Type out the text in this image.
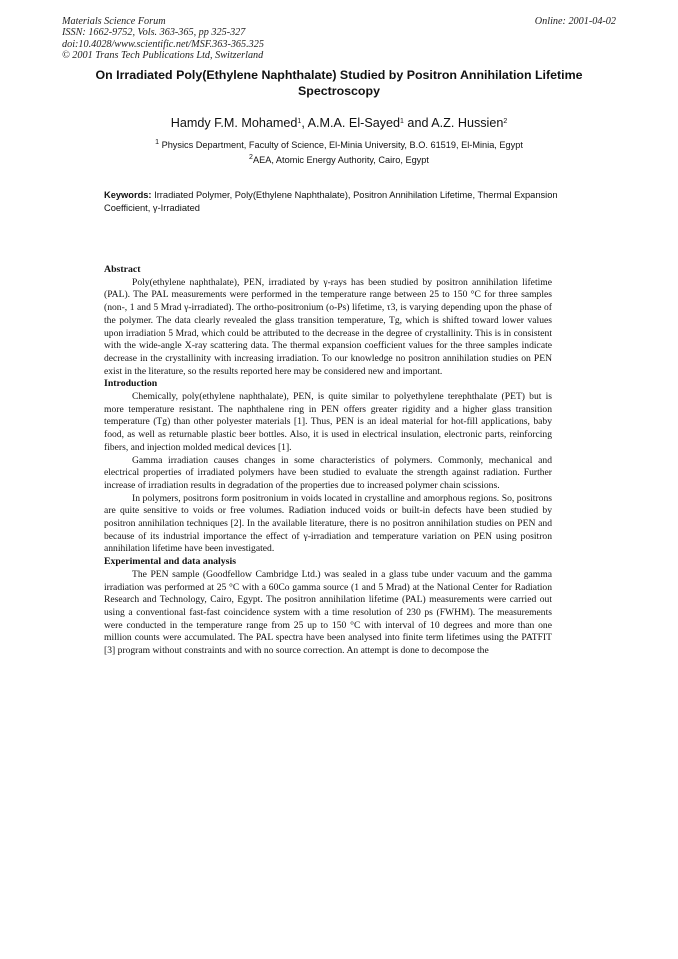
Materials Science Forum
ISSN: 1662-9752, Vols. 363-365, pp 325-327
doi:10.4028/www.scientific.net/MSF.363-365.325
© 2001 Trans Tech Publications Ltd, Switzerland
Online: 2001-04-02
On Irradiated Poly(Ethylene Naphthalate) Studied by Positron Annihilation Lifetime Spectroscopy
Hamdy F.M. Mohamed$^1$, A.M.A. El-Sayed$^1$ and A.Z. Hussien$^2$
$^1$ Physics Department, Faculty of Science, El-Minia University, B.O. 61519, El-Minia, Egypt
$^2$AEA, Atomic Energy Authority, Cairo, Egypt
Keywords: Irradiated Polymer, Poly(Ethylene Naphthalate), Positron Annihilation Lifetime, Thermal Expansion Coefficient, γ-Irradiated
Abstract

Poly(ethylene naphthalate), PEN, irradiated by γ-rays has been studied by positron annihilation lifetime (PAL). The PAL measurements were performed in the temperature range between 25 to 150 °C for three samples (non-, 1 and 5 Mrad γ-irradiated). The ortho-positronium (o-Ps) lifetime, τ3, is varying depending upon the phase of the polymer. The data clearly revealed the glass transition temperature, Tg, which is shifted toward lower values upon irradiation 5 Mrad, which could be attributed to the decrease in the degree of crystallinity. This is in consistent with the wide-angle X-ray scattering data. The thermal expansion coefficient values for the three samples indicate decrease in the crystallinity with increasing irradiation. To our knowledge no positron annihilation studies on PEN exist in the literature, so the results reported here may be considered new and important.

Introduction

Chemically, poly(ethylene naphthalate), PEN, is quite similar to polyethylene terephthalate (PET) but is more temperature resistant. The naphthalene ring in PEN offers greater rigidity and a higher glass transition temperature (Tg) than other polyester materials [1]. Thus, PEN is an ideal material for hot-fill applications, baby food, as well as returnable plastic beer bottles. Also, it is used in electrical insulation, electronic parts, reinforcing fibers, and injection molded medical devices [1].

Gamma irradiation causes changes in some characteristics of polymers. Commonly, mechanical and electrical properties of irradiated polymers have been studied to evaluate the strength against radiation. Further increase of irradiation results in degradation of the properties due to increased polymer chain scissions.

In polymers, positrons form positronium in voids located in crystalline and amorphous regions. So, positrons are quite sensitive to voids or free volumes. Radiation induced voids or built-in defects have been studied by positron annihilation techniques [2]. In the available literature, there is no positron annihilation studies on PEN and because of its industrial importance the effect of γ-irradiation and temperature variation on PEN using positron annihilation lifetime have been investigated.

Experimental and data analysis

The PEN sample (Goodfellow Cambridge Ltd.) was sealed in a glass tube under vacuum and the gamma irradiation was performed at 25 °C with a 60Co gamma source (1 and 5 Mrad) at the National Center for Radiation Research and Technology, Cairo, Egypt. The positron annihilation lifetime (PAL) measurements were carried out using a conventional fast-fast coincidence system with a time resolution of 230 ps (FWHM). The measurements were conducted in the temperature range from 25 up to 150 °C with interval of 10 degrees and more than one million counts were accumulated. The PAL spectra have been analysed into finite term lifetimes using the PATFIT [3] program without constraints and with no source correction. An attempt is done to decompose the
